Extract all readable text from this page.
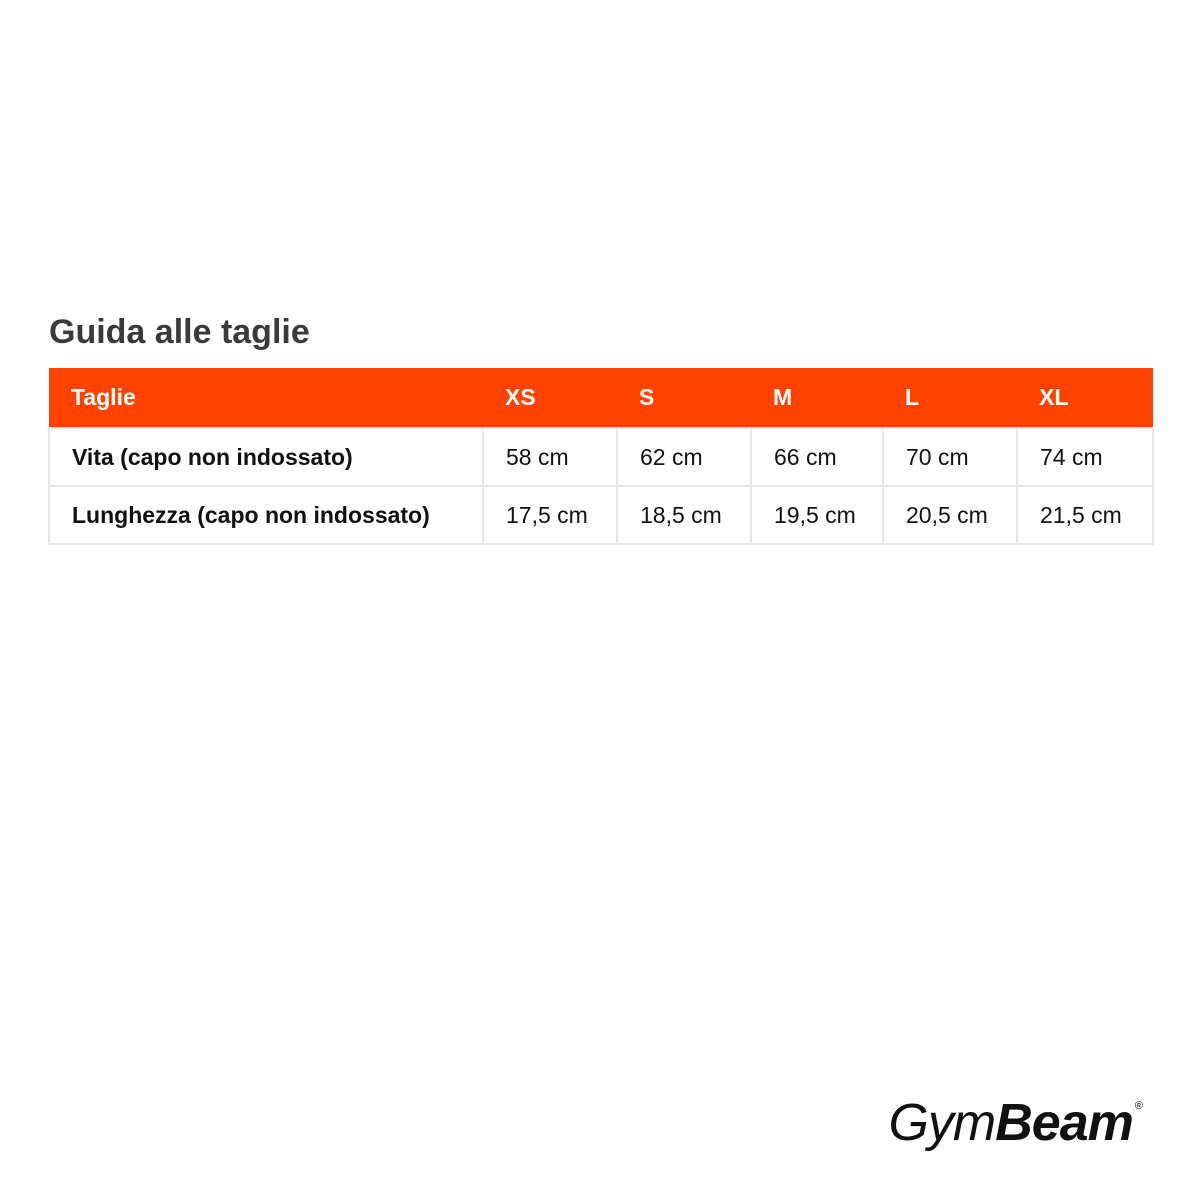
Guida alle taglie
Taglie	XS	S	M	L	XL
Vita (capo non indossato)	58 cm	62 cm	66 cm	70 cm	74 cm
Lunghezza (capo non indossato)	17,5 cm	18,5 cm	19,5 cm	20,5 cm	21,5 cm
Gym Beam ®
